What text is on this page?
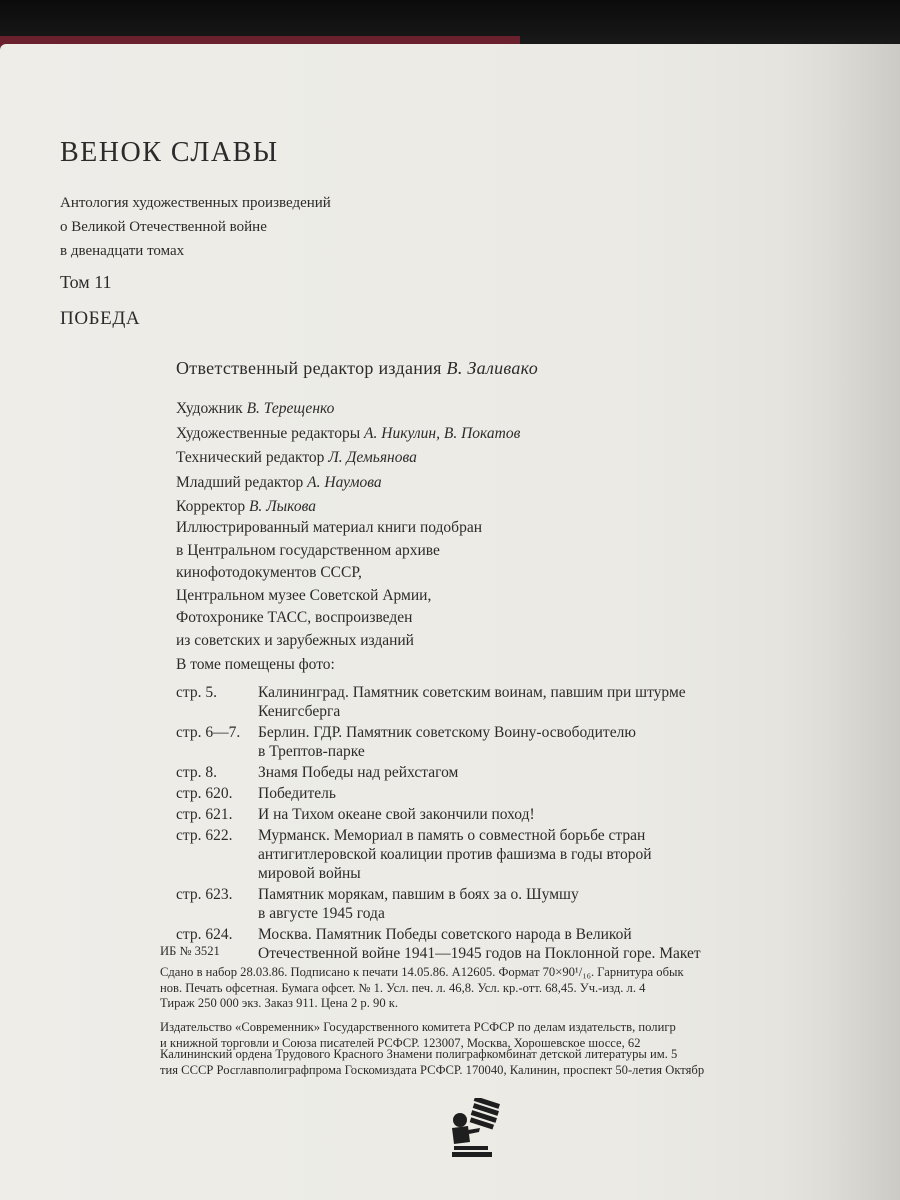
ВЕНОК СЛАВЫ
Антология художественных произведений
о Великой Отечественной войне
в двенадцати томах
Том 11
ПОБЕДА
Ответственный редактор издания В. Заливако
Художник В. Терещенко
Художественные редакторы А. Никулин, В. Покатов
Технический редактор Л. Демьянова
Младший редактор А. Наумова
Корректор В. Лыкова
Иллюстрированный материал книги подобран
в Центральном государственном архиве
кинофотодокументов СССР,
Центральном музее Советской Армии,
Фотохронике ТАСС, воспроизведен
из советских и зарубежных изданий
В томе помещены фото:
стр. 5.	Калининград. Памятник советским воинам, павшим при штурме
Кенигсберга
стр. 6—7.	Берлин. ГДР. Памятник советскому Воину-освободителю
в Трептов-парке
стр. 8.	Знамя Победы над рейхстагом
стр. 620.	Победитель
стр. 621.	И на Тихом океане свой закончили поход!
стр. 622.	Мурманск. Мемориал в память о совместной борьбе стран
антигитлеровской коалиции против фашизма в годы второй
мировой войны
стр. 623.	Памятник морякам, павшим в боях за о. Шумшу
в августе 1945 года
стр. 624.	Москва. Памятник Победы советского народа в Великой
Отечественной войне 1941—1945 годов на Поклонной горе. Макет
ИБ № 3521
Сдано в набор 28.03.86. Подписано к печати 14.05.86. А12605. Формат 70×90¹/₁₆. Гарнитура обык
нов. Печать офсетная. Бумага офсет. № 1. Усл. печ. л. 46,8. Усл. кр.-отт. 68,45. Уч.-изд. л. 4
Тираж 250 000 экз. Заказ 911. Цена 2 р. 90 к.
Издательство «Современник» Государственного комитета РСФСР по делам издательств, полигр
и книжной торговли и Союза писателей РСФСР. 123007, Москва, Хорошевское шоссе, 62
Калининский ордена Трудового Красного Знамени полиграфкомбинат детской литературы им. 5
тия СССР Росглавполиграфпрома Госкомиздата РСФСР. 170040, Калинин, проспект 50-летия Октябр
